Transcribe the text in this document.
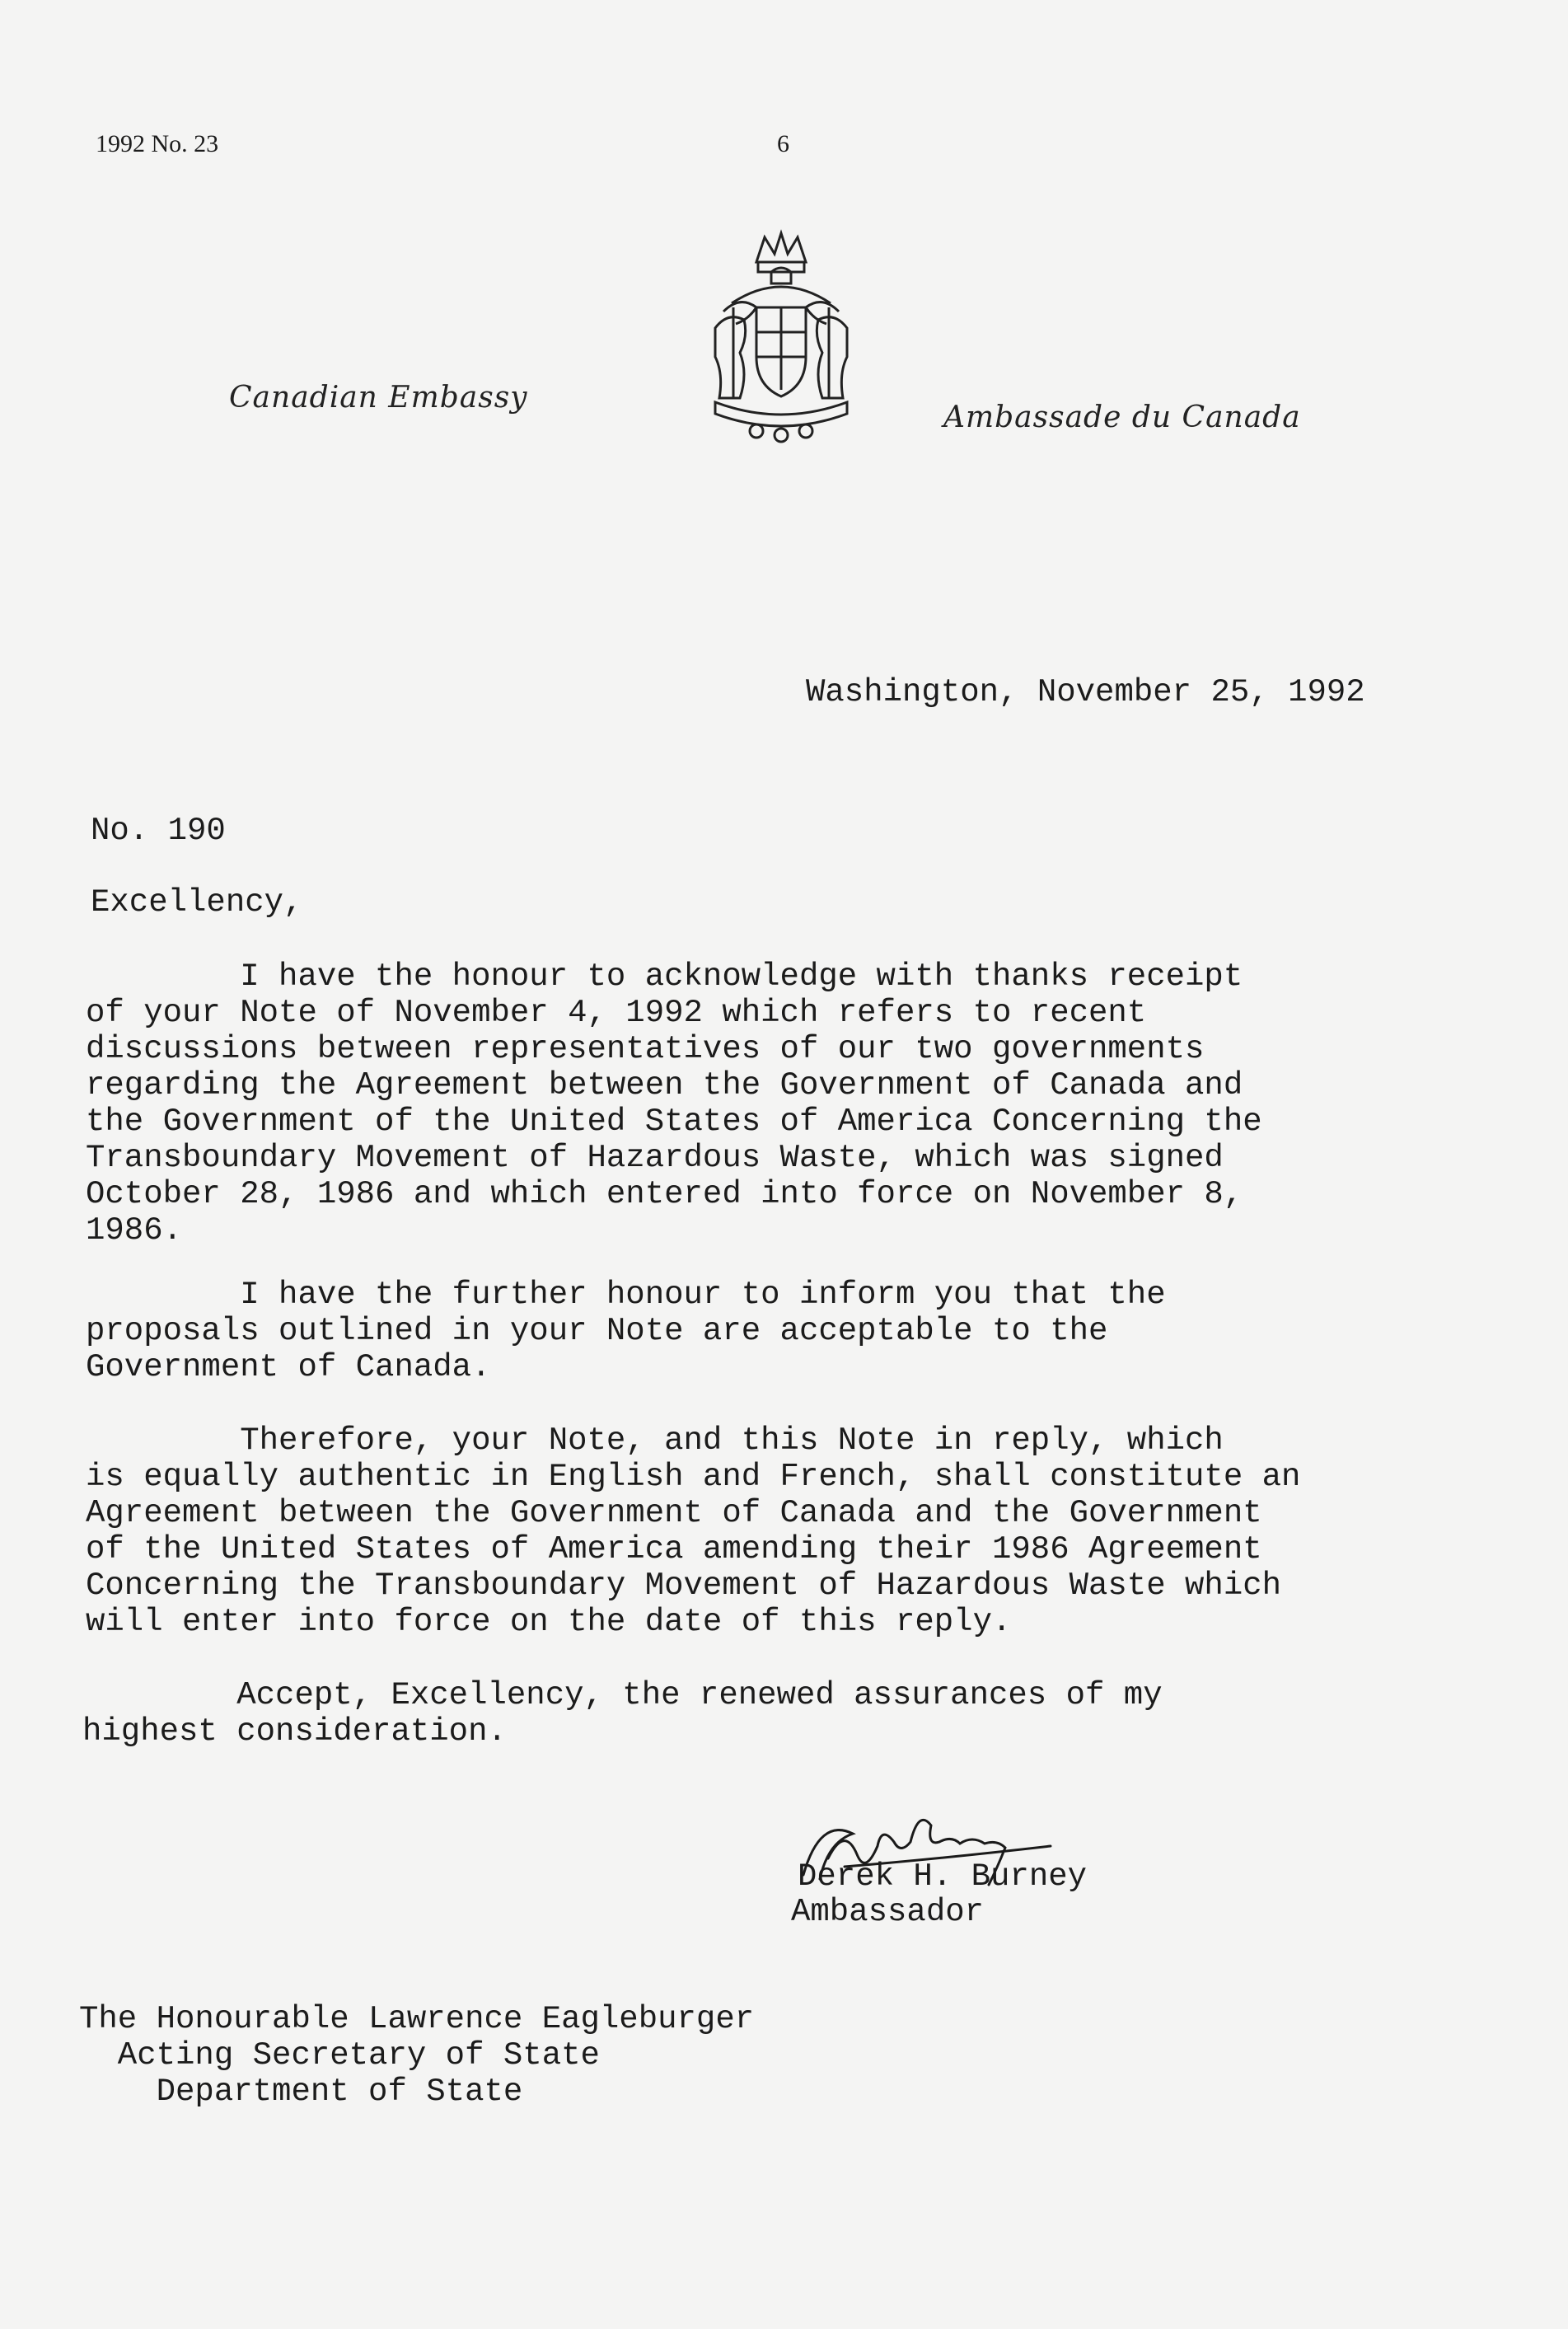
1992 No. 23	6
Canadian Embassy
Ambassade du Canada
Washington, November 25, 1992
No. 190
Excellency,
I have the honour to acknowledge with thanks receipt
of your Note of November 4, 1992 which refers to recent
discussions between representatives of our two governments
regarding the Agreement between the Government of Canada and
the Government of the United States of America Concerning the
Transboundary Movement of Hazardous Waste, which was signed
October 28, 1986 and which entered into force on November 8,
1986.
I have the further honour to inform you that the
proposals outlined in your Note are acceptable to the
Government of Canada.
Therefore, your Note, and this Note in reply, which
is equally authentic in English and French, shall constitute an
Agreement between the Government of Canada and the Government
of the United States of America amending their 1986 Agreement
Concerning the Transboundary Movement of Hazardous Waste which
will enter into force on the date of this reply.
Accept, Excellency, the renewed assurances of my
highest consideration.
Derek H. Burney
Ambassador
The Honourable Lawrence Eagleburger
Acting Secretary of State
Department of State
